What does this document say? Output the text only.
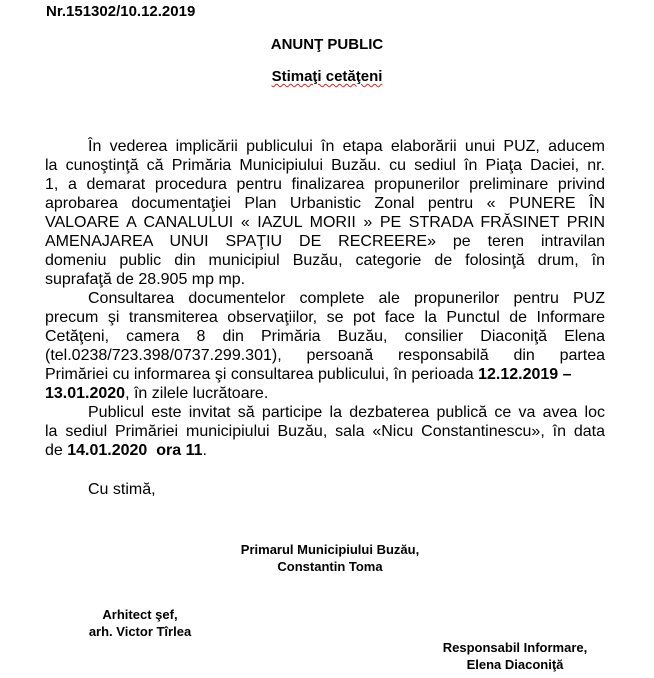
Nr.151302/10.12.2019
ANUNŢ PUBLIC
Stimaţi cetăţeni
În vederea implicării publicului în etapa elaborării unui PUZ, aducem
la cunoştinţă că Primăria Municipiului Buzău. cu sediul în Piaţa Daciei, nr.
1, a demarat procedura pentru finalizarea propunerilor preliminare privind
aprobarea documentaţiei Plan Urbanistic Zonal pentru « PUNERE ÎN
VALOARE A CANALULUI « IAZUL MORII » PE STRADA FRĂSINET PRIN
AMENAJAREA UNUI SPAŢIU DE RECREERE» pe teren intravilan
domeniu public din municipiul Buzău, categorie de folosinţă drum, în
suprafaţă de 28.905 mp mp.
Consultarea documentelor complete ale propunerilor pentru PUZ
precum şi transmiterea observaţiilor, se pot face la Punctul de Informare
Cetăţeni, camera 8 din Primăria Buzău, consilier Diaconiţă Elena
(tel.0238/723.398/0737.299.301), persoană responsabilă din partea
Primăriei cu informarea şi consultarea publicului, în perioada 12.12.2019 –
13.01.2020, în zilele lucrătoare.
Publicul este invitat să participe la dezbaterea publică ce va avea loc
la sediul Primăriei municipiului Buzău, sala «Nicu Constantinescu», în data
de 14.01.2020 ora 11.
Cu stimă,
Primarul Municipiului Buzău,
Constantin Toma
Arhitect şef,
arh. Victor Tîrlea
Responsabil Informare,
Elena Diaconiţă
